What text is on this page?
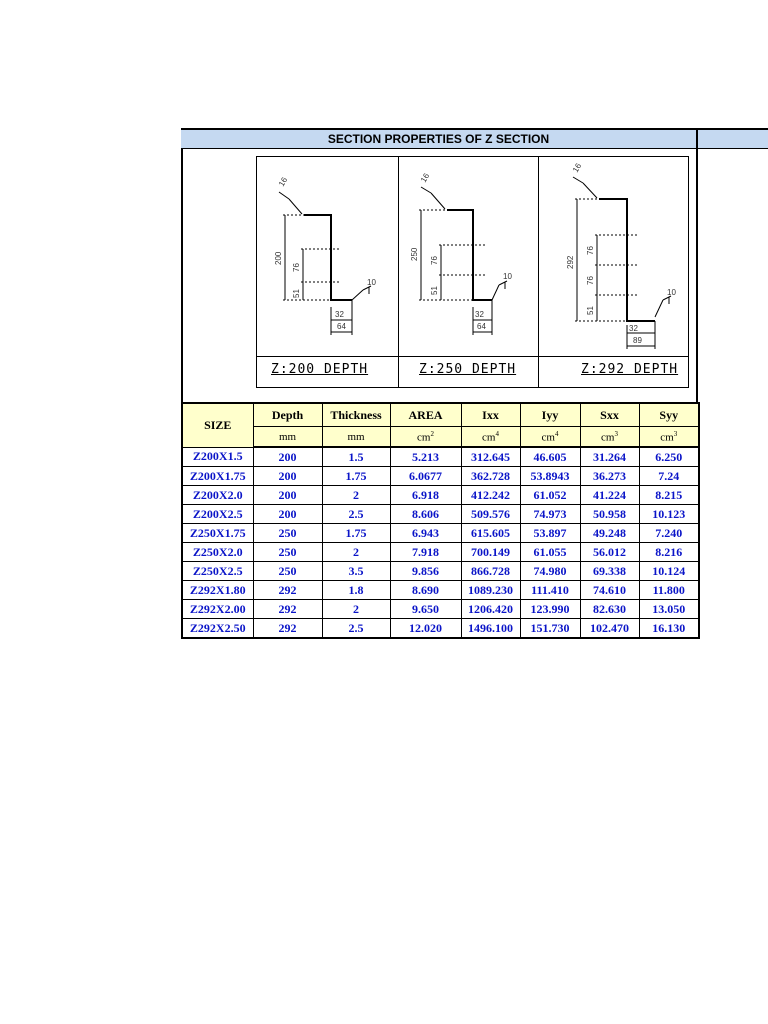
SECTION PROPERTIES OF Z SECTION
16
200
76
51
10
32
64
Z:200 DEPTH
16
250 76
51
10
32
64
Z:250 DEPTH
16
292
76
76
51
10
32
89
Z:292 DEPTH
SIZE	Depth	Thickness	AREA	Ixx	Iyy	Sxx	Syy
	mm	mm	$cm^2$	$cm^4$	$cm^4$	$cm^3$	$cm^3$
Z200X1.5	200	1.5	5.213	312.645	46.605	31.264	6.250
Z200X1.75	200	1.75	6.0677	362.728	53.8943	36.273	7.24
Z200X2.0	200	2	6.918	412.242	61.052	41.224	8.215
Z200X2.5	200	2.5	8.606	509.576	74.973	50.958	10.123
Z250X1.75	250	1.75	6.943	615.605	53.897	49.248	7.240
Z250X2.0	250	2	7.918	700.149	61.055	56.012	8.216
Z250X2.5	250	3.5	9.856	866.728	74.980	69.338	10.124
Z292X1.80	292	1.8	8.690	1089.230	111.410	74.610	11.800
Z292X2.00	292	2	9.650	1206.420	123.990	82.630	13.050
Z292X2.50	292	2.5	12.020	1496.100	151.730	102.470	16.130
